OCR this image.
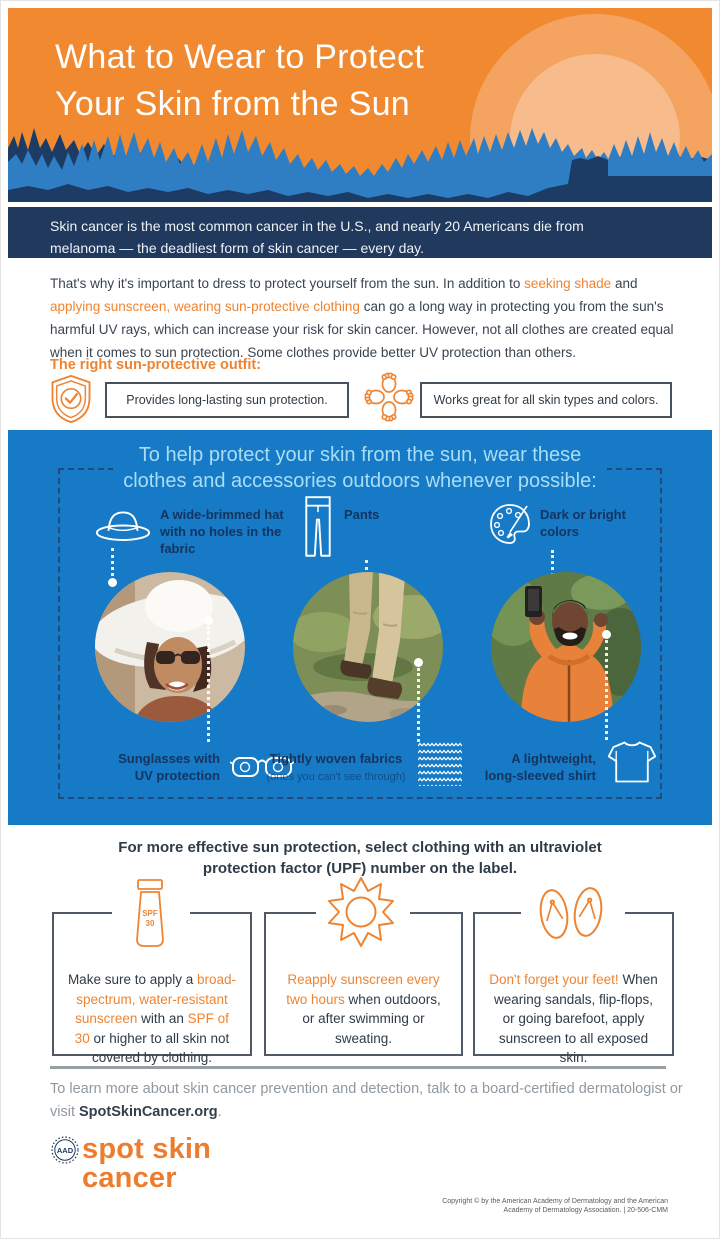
What to Wear to Protect
Your Skin from the Sun

Skin cancer is the most common cancer in the U.S., and nearly 20 Americans die from melanoma — the deadliest form of skin cancer — every day.

That's why it's important to dress to protect yourself from the sun. In addition to seeking shade and applying sunscreen, wearing sun-protective clothing can go a long way in protecting you from the sun's harmful UV rays, which can increase your risk for skin cancer. However, not all clothes are created equal when it comes to sun protection. Some clothes provide better UV protection than others.

The right sun-protective outfit:
Provides long-lasting sun protection.	Works great for all skin types and colors.
To help protect your skin from the sun, wear these
clothes and accessories outdoors whenever possible:
A wide-brimmed hat with no holes in the fabric
Pants	Dark or bright colors
Sunglasses with
UV protection
Tightly woven fabrics
(ones you can't see through)
A lightweight,
long-sleeved shirt
For more effective sun protection, select clothing with an ultraviolet
protection factor (UPF) number on the label.
SPF
30

Make sure to apply a broad-spectrum, water-resistant sunscreen with an SPF of 30 or higher to all skin not covered by clothing.

Reapply sunscreen every two hours when outdoors, or after swimming or sweating.

Don't forget your feet! When wearing sandals, flip-flops, or going barefoot, apply sunscreen to all exposed skin.

To learn more about skin cancer prevention and detection, talk to a board-certified dermatologist or visit SpotSkinCancer.org.

AAD spot skin
cancer
Copyright © by the American Academy of Dermatology and the American
Academy of Dermatology Association. | 20-506-CMM
